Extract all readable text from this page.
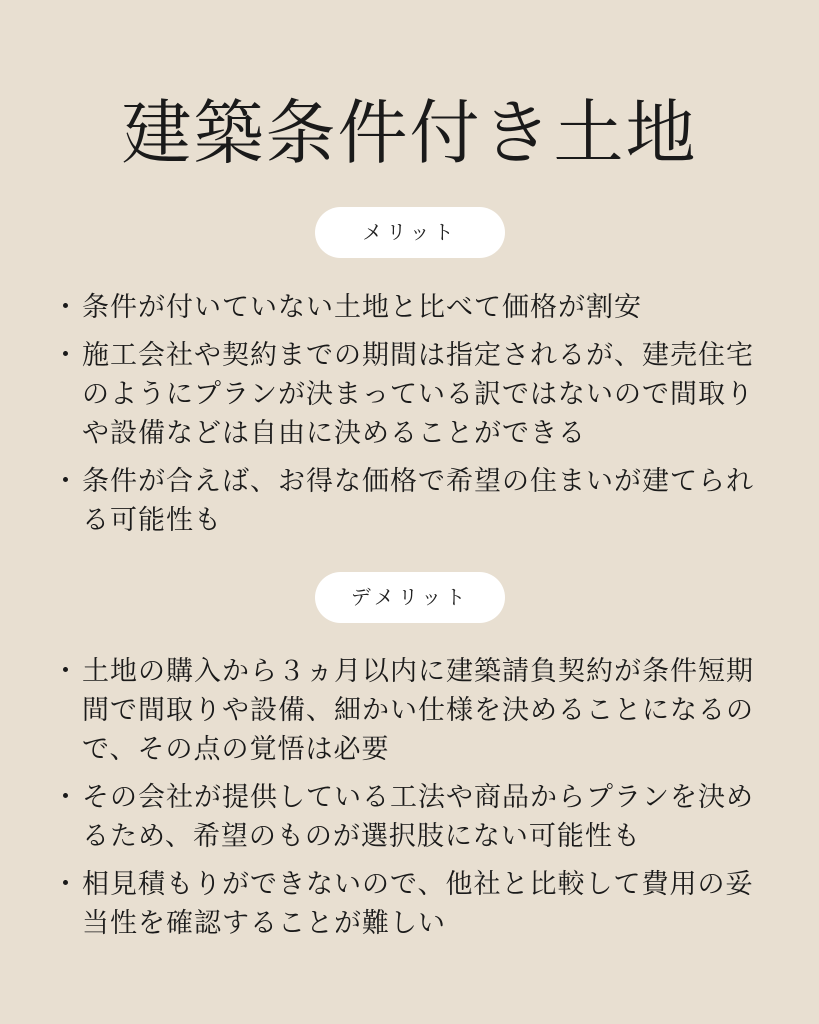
建築条件付き土地
メリット
・ 条件が付いていない土地と比べて価格が割安
・ 施工会社や契約までの期間は指定されるが、建売住宅のようにプランが決まっている訳ではないので間取りや設備などは自由に決めることができる
・ 条件が合えば、お得な価格で希望の住まいが建てられる可能性も
デメリット
・ 土地の購入から３ヵ月以内に建築請負契約が条件短期間で間取りや設備、細かい仕様を決めることになるので、その点の覚悟は必要
・ その会社が提供している工法や商品からプランを決めるため、希望のものが選択肢にない可能性も
・ 相見積もりができないので、他社と比較して費用の妥当性を確認することが難しい
